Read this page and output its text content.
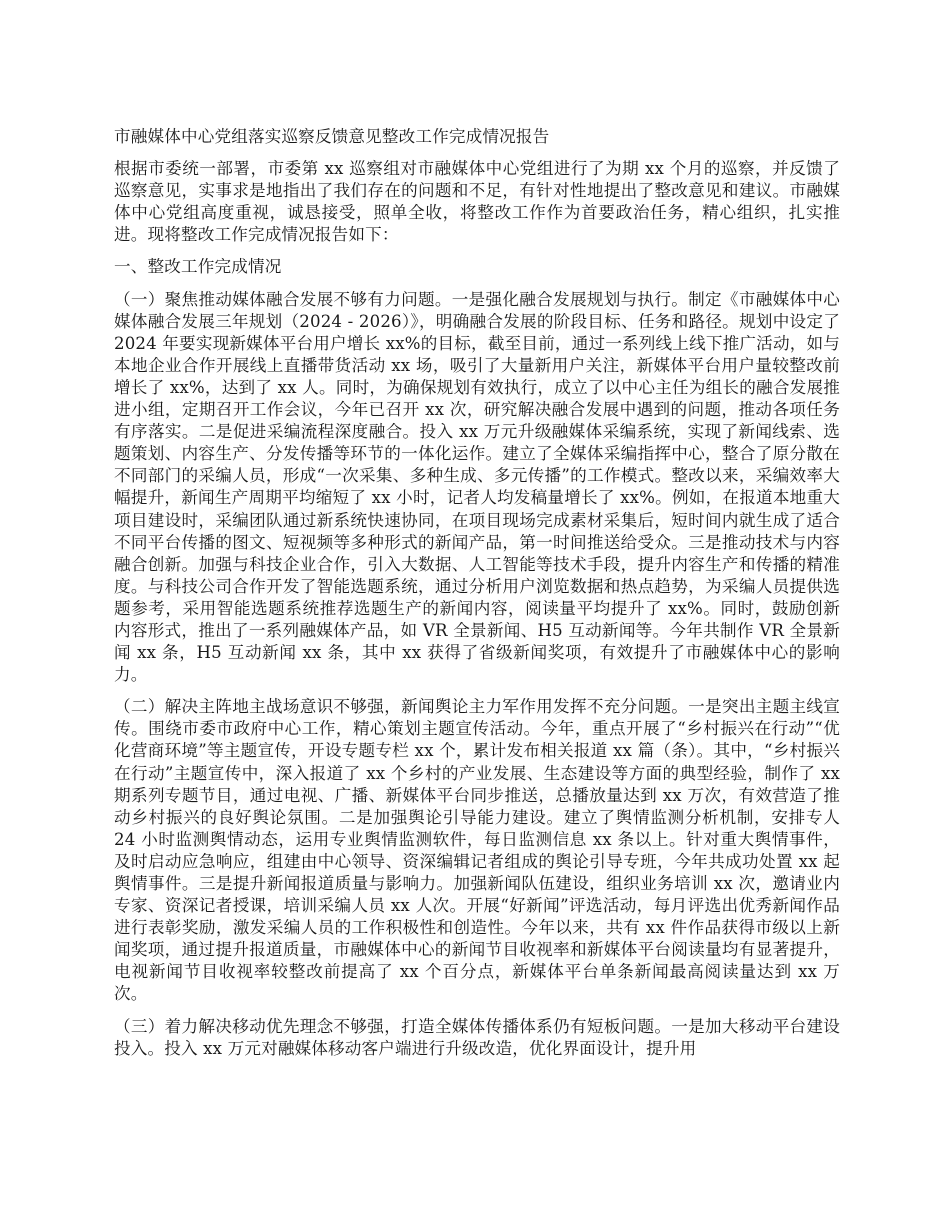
市融媒体中心党组落实巡察反馈意见整改工作完成情况报告
根据市委统一部署，市委第 xx 巡察组对市融媒体中心党组进行了为期 xx 个月的巡察，并反馈了巡察意见，实事求是地指出了我们存在的问题和不足，有针对性地提出了整改意见和建议。市融媒体中心党组高度重视，诚恳接受，照单全收，将整改工作作为首要政治任务，精心组织，扎实推进。现将整改工作完成情况报告如下：
一、整改工作完成情况
（一）聚焦推动媒体融合发展不够有力问题。一是强化融合发展规划与执行。制定《市融媒体中心媒体融合发展三年规划（2024 - 2026）》，明确融合发展的阶段目标、任务和路径。规划中设定了 2024 年要实现新媒体平台用户增长 xx%的目标，截至目前，通过一系列线上线下推广活动，如与本地企业合作开展线上直播带货活动 xx 场，吸引了大量新用户关注，新媒体平台用户量较整改前增长了 xx%，达到了 xx 人。同时，为确保规划有效执行，成立了以中心主任为组长的融合发展推进小组，定期召开工作会议，今年已召开 xx 次，研究解决融合发展中遇到的问题，推动各项任务有序落实。二是促进采编流程深度融合。投入 xx 万元升级融媒体采编系统，实现了新闻线索、选题策划、内容生产、分发传播等环节的一体化运作。建立了全媒体采编指挥中心，整合了原分散在不同部门的采编人员，形成“一次采集、多种生成、多元传播”的工作模式。整改以来，采编效率大幅提升，新闻生产周期平均缩短了 xx 小时，记者人均发稿量增长了 xx%。例如，在报道本地重大项目建设时，采编团队通过新系统快速协同，在项目现场完成素材采集后，短时间内就生成了适合不同平台传播的图文、短视频等多种形式的新闻产品，第一时间推送给受众。三是推动技术与内容融合创新。加强与科技企业合作，引入大数据、人工智能等技术手段，提升内容生产和传播的精准度。与科技公司合作开发了智能选题系统，通过分析用户浏览数据和热点趋势，为采编人员提供选题参考，采用智能选题系统推荐选题生产的新闻内容，阅读量平均提升了 xx%。同时，鼓励创新内容形式，推出了一系列融媒体产品，如 VR 全景新闻、H5 互动新闻等。今年共制作 VR 全景新闻 xx 条，H5 互动新闻 xx 条，其中 xx 获得了省级新闻奖项，有效提升了市融媒体中心的影响力。
（二）解决主阵地主战场意识不够强，新闻舆论主力军作用发挥不充分问题。一是突出主题主线宣传。围绕市委市政府中心工作，精心策划主题宣传活动。今年，重点开展了“乡村振兴在行动”“优化营商环境”等主题宣传，开设专题专栏 xx 个，累计发布相关报道 xx 篇（条）。其中，“乡村振兴在行动”主题宣传中，深入报道了 xx 个乡村的产业发展、生态建设等方面的典型经验，制作了 xx 期系列专题节目，通过电视、广播、新媒体平台同步推送，总播放量达到 xx 万次，有效营造了推动乡村振兴的良好舆论氛围。二是加强舆论引导能力建设。建立了舆情监测分析机制，安排专人 24 小时监测舆情动态，运用专业舆情监测软件，每日监测信息 xx 条以上。针对重大舆情事件，及时启动应急响应，组建由中心领导、资深编辑记者组成的舆论引导专班，今年共成功处置 xx 起舆情事件。三是提升新闻报道质量与影响力。加强新闻队伍建设，组织业务培训 xx 次，邀请业内专家、资深记者授课，培训采编人员 xx 人次。开展“好新闻”评选活动，每月评选出优秀新闻作品进行表彰奖励，激发采编人员的工作积极性和创造性。今年以来，共有 xx 件作品获得市级以上新闻奖项，通过提升报道质量，市融媒体中心的新闻节目收视率和新媒体平台阅读量均有显著提升，电视新闻节目收视率较整改前提高了 xx 个百分点，新媒体平台单条新闻最高阅读量达到 xx 万次。
（三）着力解决移动优先理念不够强，打造全媒体传播体系仍有短板问题。一是加大移动平台建设投入。投入 xx 万元对融媒体移动客户端进行升级改造，优化界面设计，提升用
